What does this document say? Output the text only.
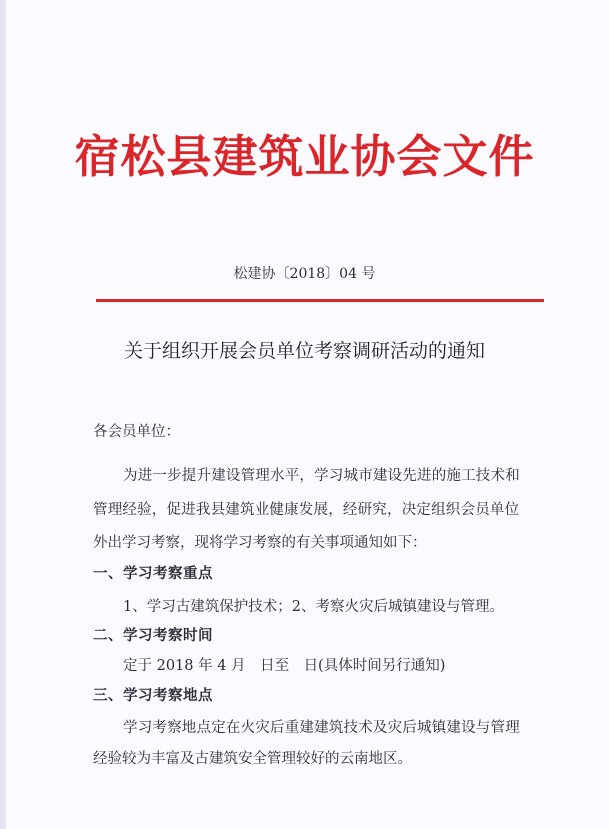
宿松县建筑业协会文件
松建协〔2018〕04 号
关于组织开展会员单位考察调研活动的通知
各会员单位：
为进一步提升建设管理水平，学习城市建设先进的施工技术和
管理经验，促进我县建筑业健康发展，经研究，决定组织会员单位
外出学习考察，现将学习考察的有关事项通知如下：
一、学习考察重点
1、学习古建筑保护技术；2、考察火灾后城镇建设与管理。
二、学习考察时间
定于 2018 年 4 月　日至　日(具体时间另行通知)
三、学习考察地点
学习考察地点定在火灾后重建建筑技术及灾后城镇建设与管理
经验较为丰富及古建筑安全管理较好的云南地区。
